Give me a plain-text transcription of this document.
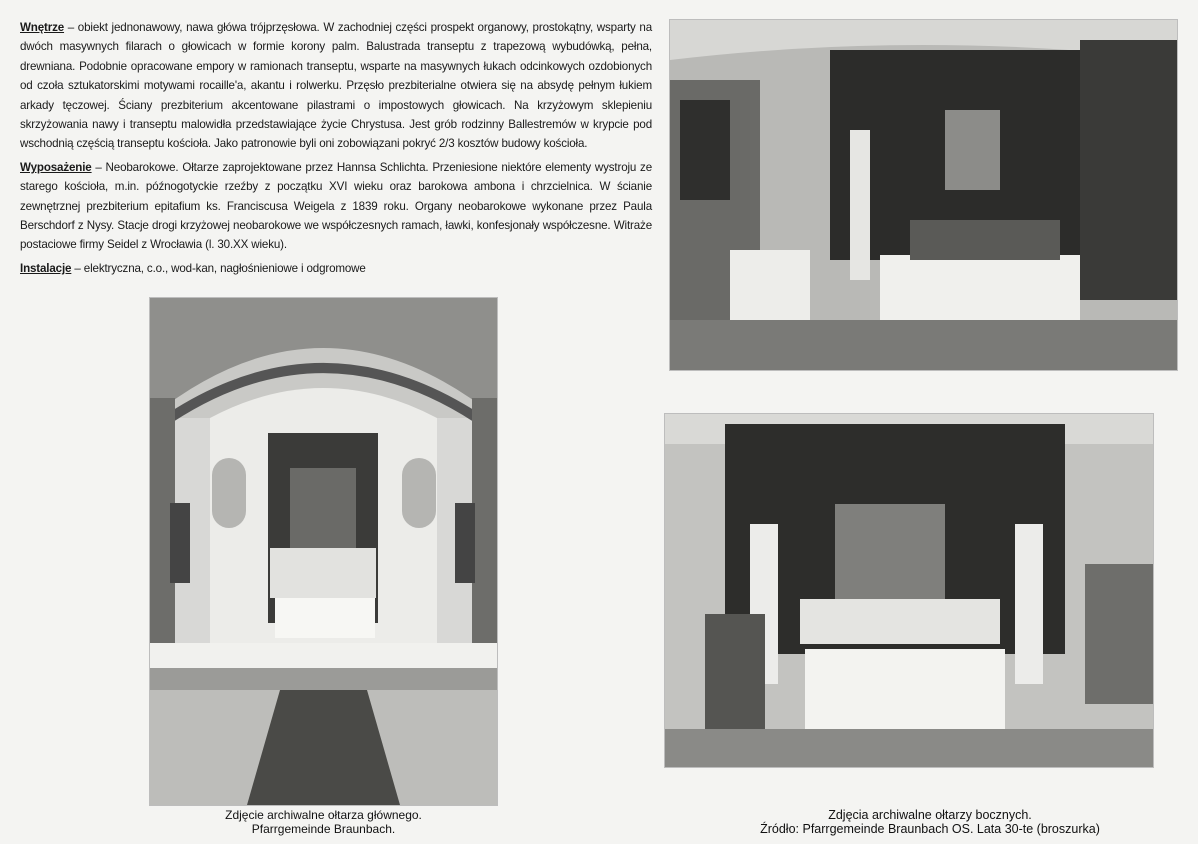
Wnętrze – obiekt jednonawowy, nawa główa trójprzęsłowa. W zachodniej części prospekt organowy, prostokątny, wsparty na dwóch masywnych filarach o głowicach w formie korony palm. Balustrada transeptu z trapezową wybudówką, pełna, drewniana. Podobnie opracowane empory w ramionach transeptu, wsparte na masywnych łukach odcinkowych ozdobionych od czoła sztukatorskimi motywami rocaille'a, akantu i rolwerku. Przęsło prezbiterialne otwiera się na absydę pełnym łukiem arkady tęczowej. Ściany prezbiterium akcentowane pilastrami o impostowych głowicach. Na krzyżowym sklepieniu skrzyżowania nawy i transeptu malowidła przedstawiające życie Chrystusa. Jest grób rodzinny Ballestremów w krypcie pod wschodnią częścią transeptu kościoła. Jako patronowie byli oni zobowiązani pokryć 2/3 kosztów budowy kościoła.

Wyposażenie – Neobarokowe. Ołtarze zaprojektowane przez Hannsa Schlichta. Przeniesione niektóre elementy wystroju ze starego kościoła, m.in. późnogotyckie rzeźby z początku XVI wieku oraz barokowa ambona i chrzcielnica. W ścianie zewnętrznej prezbiterium epitafium ks. Franciscusa Weigela z 1839 roku. Organy neobarokowe wykonane przez Paula Berschdorf z Nysy. Stacje drogi krzyżowej neobarokowe we współczesnych ramach, ławki, konfesjonały współczesne. Witraże postaciowe firmy Seidel z Wrocławia (l. 30.XX wieku).

Instalacje – elektryczna, c.o., wod-kan, nagłośnieniowe i odgromowe

Zdjęcie archiwalne ołtarza głównego.
Pfarrgemeinde Braunbach.
Zdjęcia archiwalne ołtarzy bocznych.
Źródło: Pfarrgemeinde Braunbach OS. Lata 30-te (broszurka)
